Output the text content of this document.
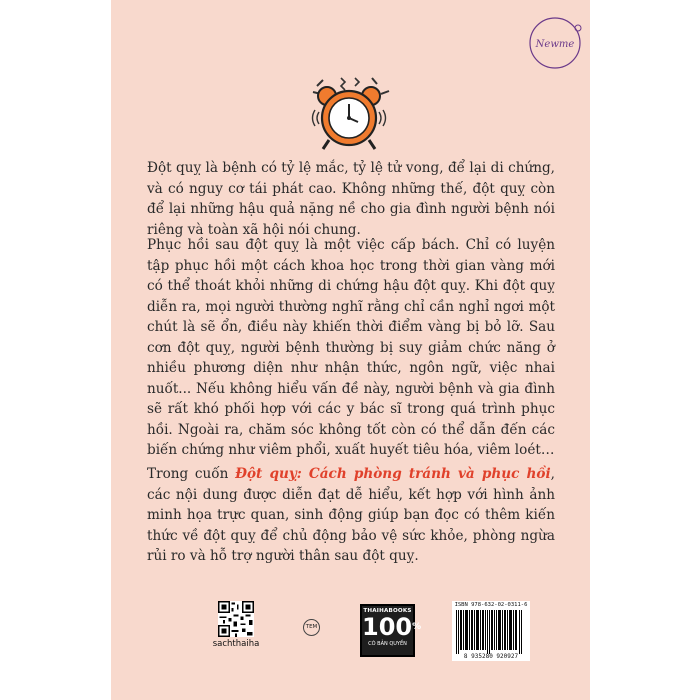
Newme

Đột quỵ là bệnh có tỷ lệ mắc, tỷ lệ tử vong, để lại di chứng, và có nguy cơ tái phát cao. Không những thế, đột quỵ còn để lại những hậu quả nặng nề cho gia đình người bệnh nói riêng và toàn xã hội nói chung.

Phục hồi sau đột quỵ là một việc cấp bách. Chỉ có luyện tập phục hồi một cách khoa học trong thời gian vàng mới có thể thoát khỏi những di chứng hậu đột quỵ. Khi đột quỵ diễn ra, mọi người thường nghĩ rằng chỉ cần nghỉ ngơi một chút là sẽ ổn, điều này khiến thời điểm vàng bị bỏ lỡ. Sau cơn đột quỵ, người bệnh thường bị suy giảm chức năng ở nhiều phương diện như nhận thức, ngôn ngữ, việc nhai nuốt... Nếu không hiểu vấn đề này, người bệnh và gia đình sẽ rất khó phối hợp với các y bác sĩ trong quá trình phục hồi. Ngoài ra, chăm sóc không tốt còn có thể dẫn đến các biến chứng như viêm phổi, xuất huyết tiêu hóa, viêm loét…

Trong cuốn Đột quỵ: Cách phòng tránh và phục hồi, các nội dung được diễn đạt dễ hiểu, kết hợp với hình ảnh minh họa trực quan, sinh động giúp bạn đọc có thêm kiến thức về đột quỵ để chủ động bảo vệ sức khỏe, phòng ngừa rủi ro và hỗ trợ người thân sau đột quỵ.

sachthaiha
TEM
THAIHABOOKS
100%
CÓ BẢN QUYỀN
ISBN 978-632-02-0311-6
8 935280 920927
